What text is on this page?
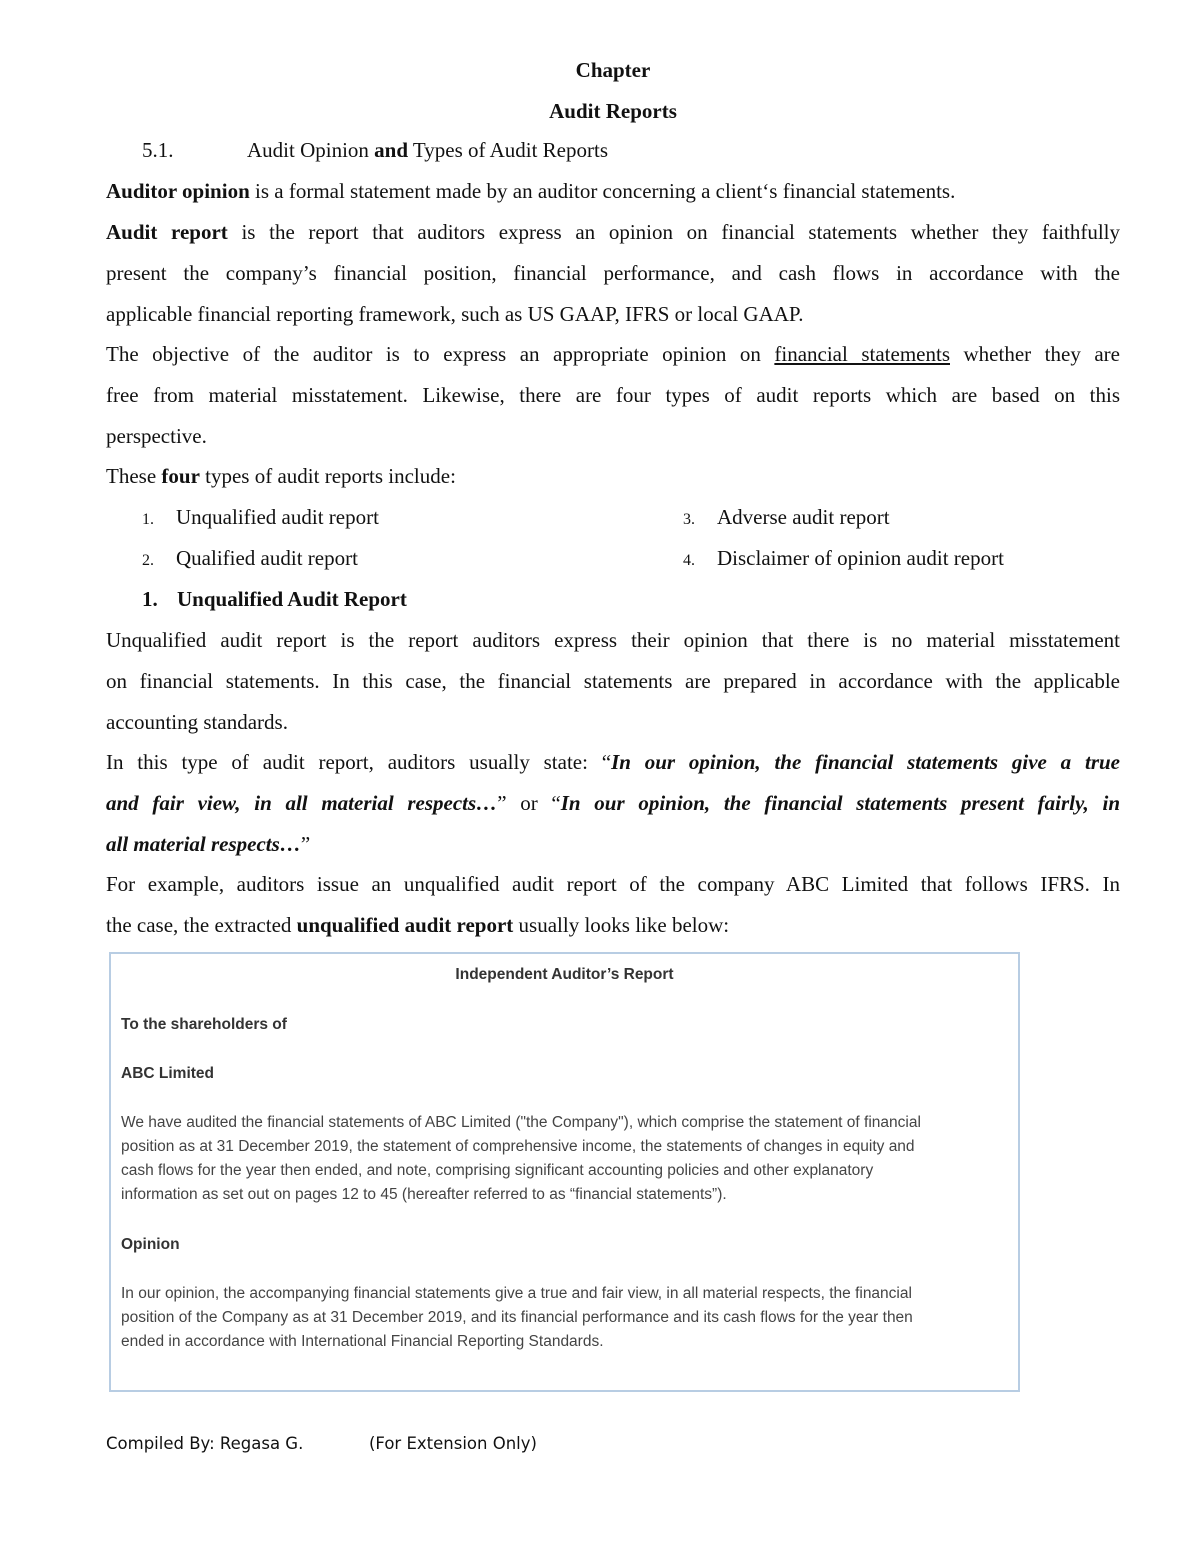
Chapter
Audit Reports
5.1.	Audit Opinion and Types of Audit Reports
Auditor opinion is a formal statement made by an auditor concerning a client‘s financial statements.
Audit report is the report that auditors express an opinion on financial statements whether they faithfully
present the company’s financial position, financial performance, and cash flows in accordance with the
applicable financial reporting framework, such as US GAAP, IFRS or local GAAP.
The objective of the auditor is to express an appropriate opinion on financial statements whether they are
free from material misstatement. Likewise, there are four types of audit reports which are based on this
perspective.
These four types of audit reports include:
1. Unqualified audit report
2. Qualified audit report
3. Adverse audit report
4. Disclaimer of opinion audit report
1. Unqualified Audit Report
Unqualified audit report is the report auditors express their opinion that there is no material misstatement
on financial statements. In this case, the financial statements are prepared in accordance with the applicable
accounting standards.
In this type of audit report, auditors usually state: “In our opinion, the financial statements give a true
and fair view, in all material respects…” or “In our opinion, the financial statements present fairly, in
all material respects…”
For example, auditors issue an unqualified audit report of the company ABC Limited that follows IFRS. In
the case, the extracted unqualified audit report usually looks like below:
Independent Auditor’s Report
To the shareholders of
ABC Limited
We have audited the financial statements of ABC Limited ("the Company"), which comprise the statement of financial
position as at 31 December 2019, the statement of comprehensive income, the statements of changes in equity and
cash flows for the year then ended, and note, comprising significant accounting policies and other explanatory
information as set out on pages 12 to 45 (hereafter referred to as “financial statements”).
Opinion
In our opinion, the accompanying financial statements give a true and fair view, in all material respects, the financial
position of the Company as at 31 December 2019, and its financial performance and its cash flows for the year then
ended in accordance with International Financial Reporting Standards.
Compiled By: Regasa G.	(For Extension Only)
